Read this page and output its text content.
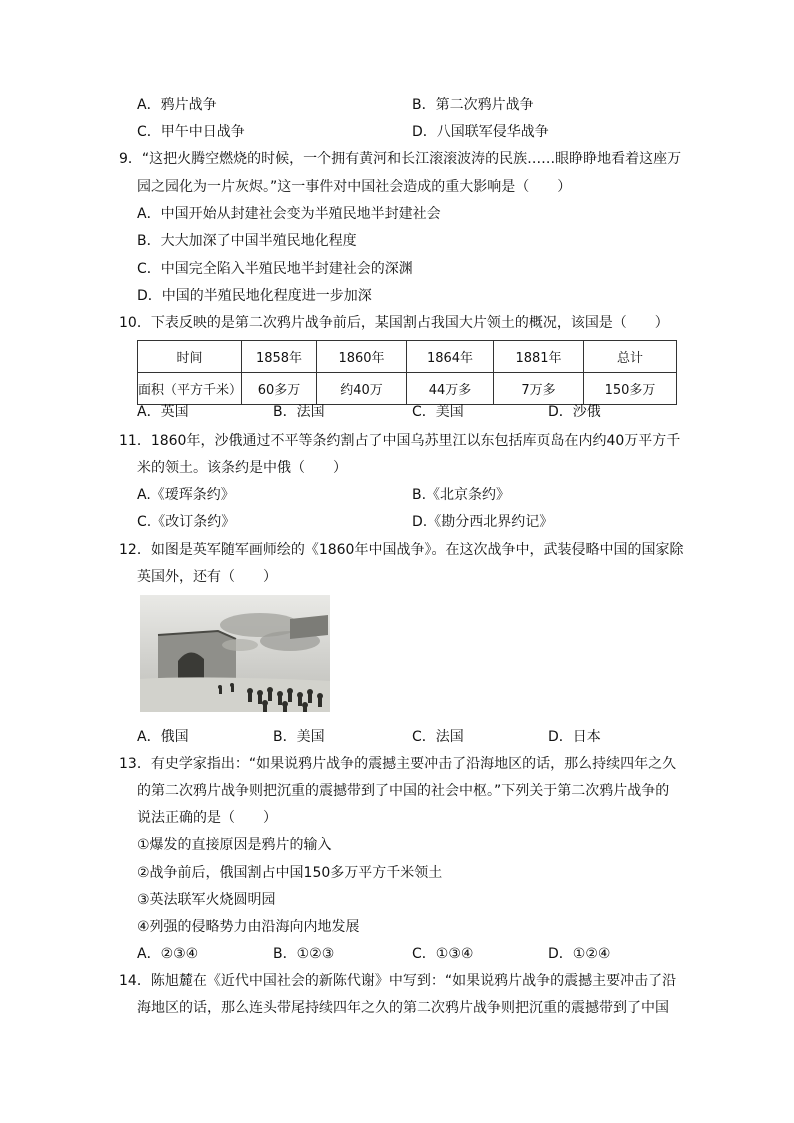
A．鸦片战争	B．第二次鸦片战争
C．甲午中日战争	D．八国联军侵华战争
9．“这把火腾空燃烧的时候，一个拥有黄河和长江滚滚波涛的民族……眼睁睁地看着这座万
园之园化为一片灰烬。”这一事件对中国社会造成的重大影响是（　　）
A．中国开始从封建社会变为半殖民地半封建社会
B．大大加深了中国半殖民地化程度
C．中国完全陷入半殖民地半封建社会的深渊
D．中国的半殖民地化程度进一步加深
10．下表反映的是第二次鸦片战争前后，某国割占我国大片领土的概况，该国是（　　）
时间	1858年	1860年	1864年	1881年	总计
面积（平方千米）	60多万	约40万	44万多	7万多	150多万
A．英国	B．法国	C．美国	D．沙俄
11．1860年，沙俄通过不平等条约割占了中国乌苏里江以东包括库页岛在内约40万平方千
米的领土。该条约是中俄（　　）
A.《瑷珲条约》	B.《北京条约》
C.《改订条约》	D.《勘分西北界约记》
12．如图是英军随军画师绘的《1860年中国战争》。在这次战争中，武装侵略中国的国家除
英国外，还有（　　）
A．俄国	B．美国	C．法国	D．日本
13．有史学家指出：“如果说鸦片战争的震撼主要冲击了沿海地区的话，那么持续四年之久
的第二次鸦片战争则把沉重的震撼带到了中国的社会中枢。”下列关于第二次鸦片战争的
说法正确的是（　　）
①爆发的直接原因是鸦片的输入
②战争前后，俄国割占中国150多万平方千米领土
③英法联军火烧圆明园
④列强的侵略势力由沿海向内地发展
A．②③④	B．①②③	C．①③④	D．①②④
14．陈旭麓在《近代中国社会的新陈代谢》中写到：“如果说鸦片战争的震撼主要冲击了沿
海地区的话，那么连头带尾持续四年之久的第二次鸦片战争则把沉重的震撼带到了中国
